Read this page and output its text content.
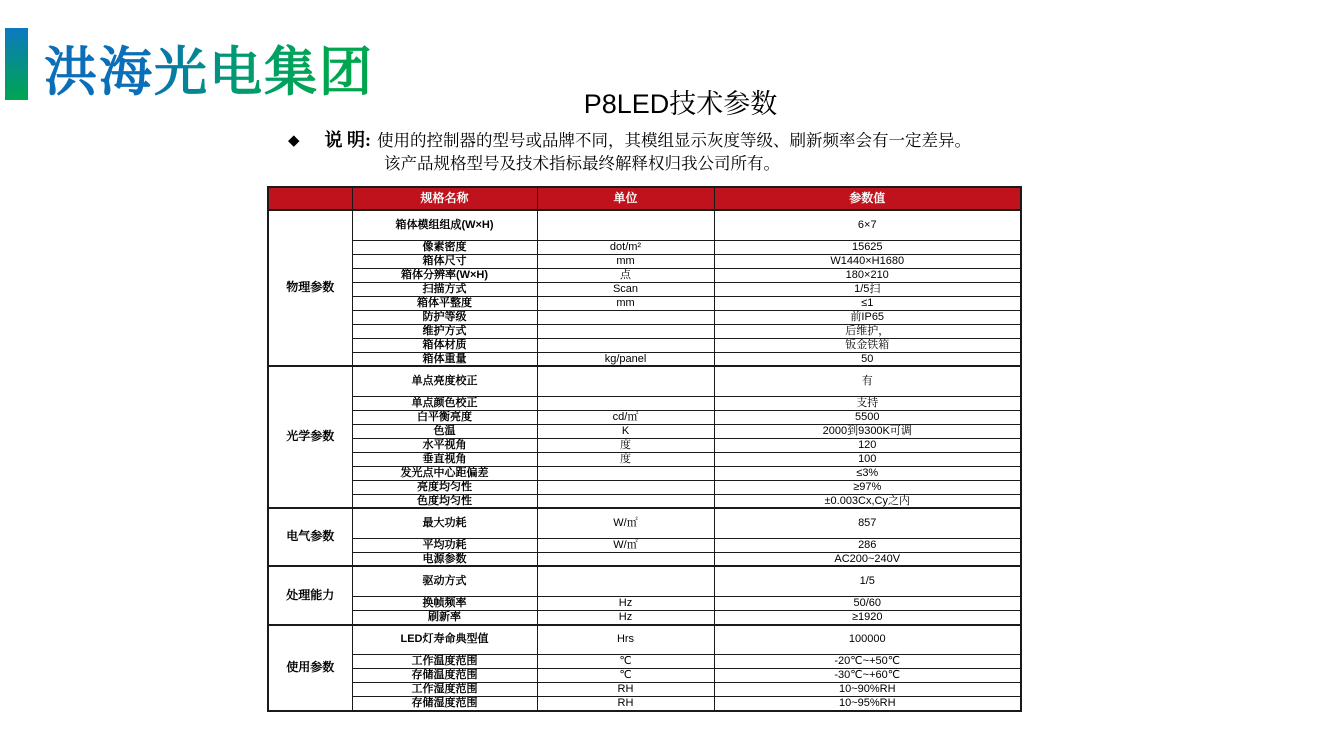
洪海光电集团
P8LED技术参数
◆ 说 明: 使用的控制器的型号或品牌不同，其模组显示灰度等级、刷新频率会有一定差异。
该产品规格型号及技术指标最终解释权归我公司所有。
	规格名称	单位	参数值
物理参数	箱体模组组成(W×H)		6×7
	像素密度	dot/m²	15625
	箱体尺寸	mm	W1440×H1680
	箱体分辨率(W×H)	点	180×210
	扫描方式	Scan	1/5扫
	箱体平整度	mm	≤1
	防护等级		前IP65
	维护方式		后维护，
	箱体材质		钣金铁箱
	箱体重量	kg/panel	50
光学参数	单点亮度校正		有
	单点颜色校正		支持
	白平衡亮度	cd/㎡	5500
	色温	K	2000到9300K可调
	水平视角	度	120
	垂直视角	度	100
	发光点中心距偏差		≤3%
	亮度均匀性		≥97%
	色度均匀性		±0.003Cx,Cy之内
电气参数	最大功耗	W/㎡	857
	平均功耗	W/㎡	286
	电源参数		AC200~240V
处理能力	驱动方式		1/5
	换帧频率	Hz	50/60
	刷新率	Hz	≥1920
使用参数	LED灯寿命典型值	Hrs	100000
	工作温度范围	℃	-20℃~+50℃
	存储温度范围	℃	-30℃~+60℃
	工作湿度范围	RH	10~90%RH
	存储湿度范围	RH	10~95%RH
